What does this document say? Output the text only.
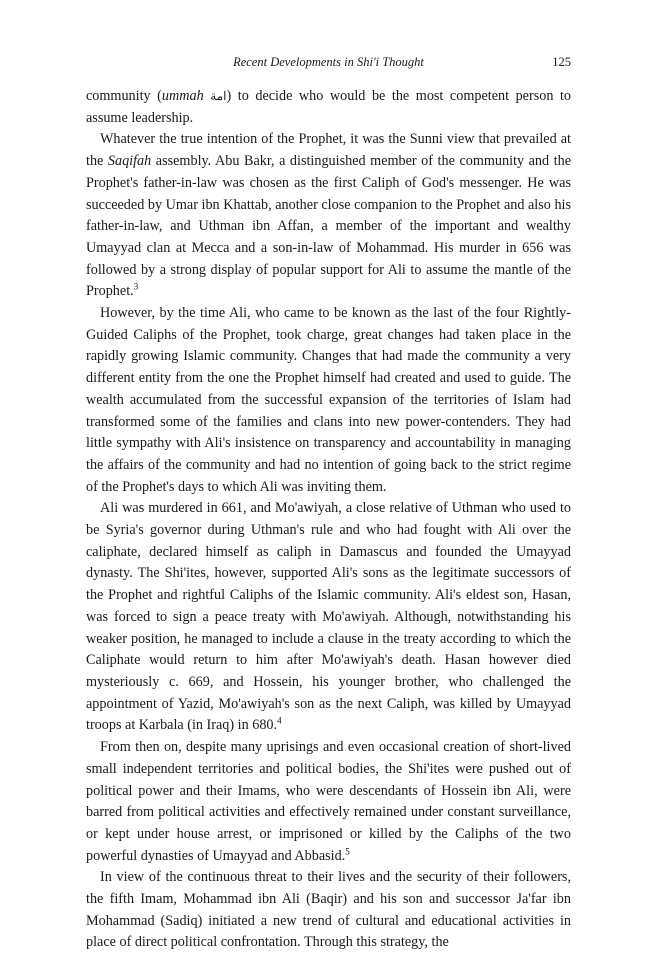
Recent Developments in Shi'i Thought	125

community (ummah امة) to decide who would be the most competent person to assume leadership.

Whatever the true intention of the Prophet, it was the Sunni view that prevailed at the Saqifah assembly. Abu Bakr, a distinguished member of the community and the Prophet's father-in-law was chosen as the first Caliph of God's messenger. He was succeeded by Umar ibn Khattab, another close companion to the Prophet and also his father-in-law, and Uthman ibn Affan, a member of the important and wealthy Umayyad clan at Mecca and a son-in-law of Mohammad. His murder in 656 was followed by a strong display of popular support for Ali to assume the mantle of the Prophet.$^3$

However, by the time Ali, who came to be known as the last of the four Rightly-Guided Caliphs of the Prophet, took charge, great changes had taken place in the rapidly growing Islamic community. Changes that had made the community a very different entity from the one the Prophet himself had created and used to guide. The wealth accumulated from the successful expansion of the territories of Islam had transformed some of the families and clans into new power-contenders. They had little sympathy with Ali's insistence on transparency and accountability in managing the affairs of the community and had no intention of going back to the strict regime of the Prophet's days to which Ali was inviting them.

Ali was murdered in 661, and Mo'awiyah, a close relative of Uthman who used to be Syria's governor during Uthman's rule and who had fought with Ali over the caliphate, declared himself as caliph in Damascus and founded the Umayyad dynasty. The Shi'ites, however, supported Ali's sons as the legitimate successors of the Prophet and rightful Caliphs of the Islamic community. Ali's eldest son, Hasan, was forced to sign a peace treaty with Mo'awiyah. Although, notwithstanding his weaker position, he managed to include a clause in the treaty according to which the Caliphate would return to him after Mo'awiyah's death. Hasan however died mysteriously c. 669, and Hossein, his younger brother, who challenged the appointment of Yazid, Mo'awiyah's son as the next Caliph, was killed by Umayyad troops at Karbala (in Iraq) in 680.$^4$

From then on, despite many uprisings and even occasional creation of short-lived small independent territories and political bodies, the Shi'ites were pushed out of political power and their Imams, who were descendants of Hossein ibn Ali, were barred from political activities and effectively remained under constant surveillance, or kept under house arrest, or imprisoned or killed by the Caliphs of the two powerful dynasties of Umayyad and Abbasid.$^5$

In view of the continuous threat to their lives and the security of their followers, the fifth Imam, Mohammad ibn Ali (Baqir) and his son and successor Ja'far ibn Mohammad (Sadiq) initiated a new trend of cultural and educational activities in place of direct political confrontation. Through this strategy, the
